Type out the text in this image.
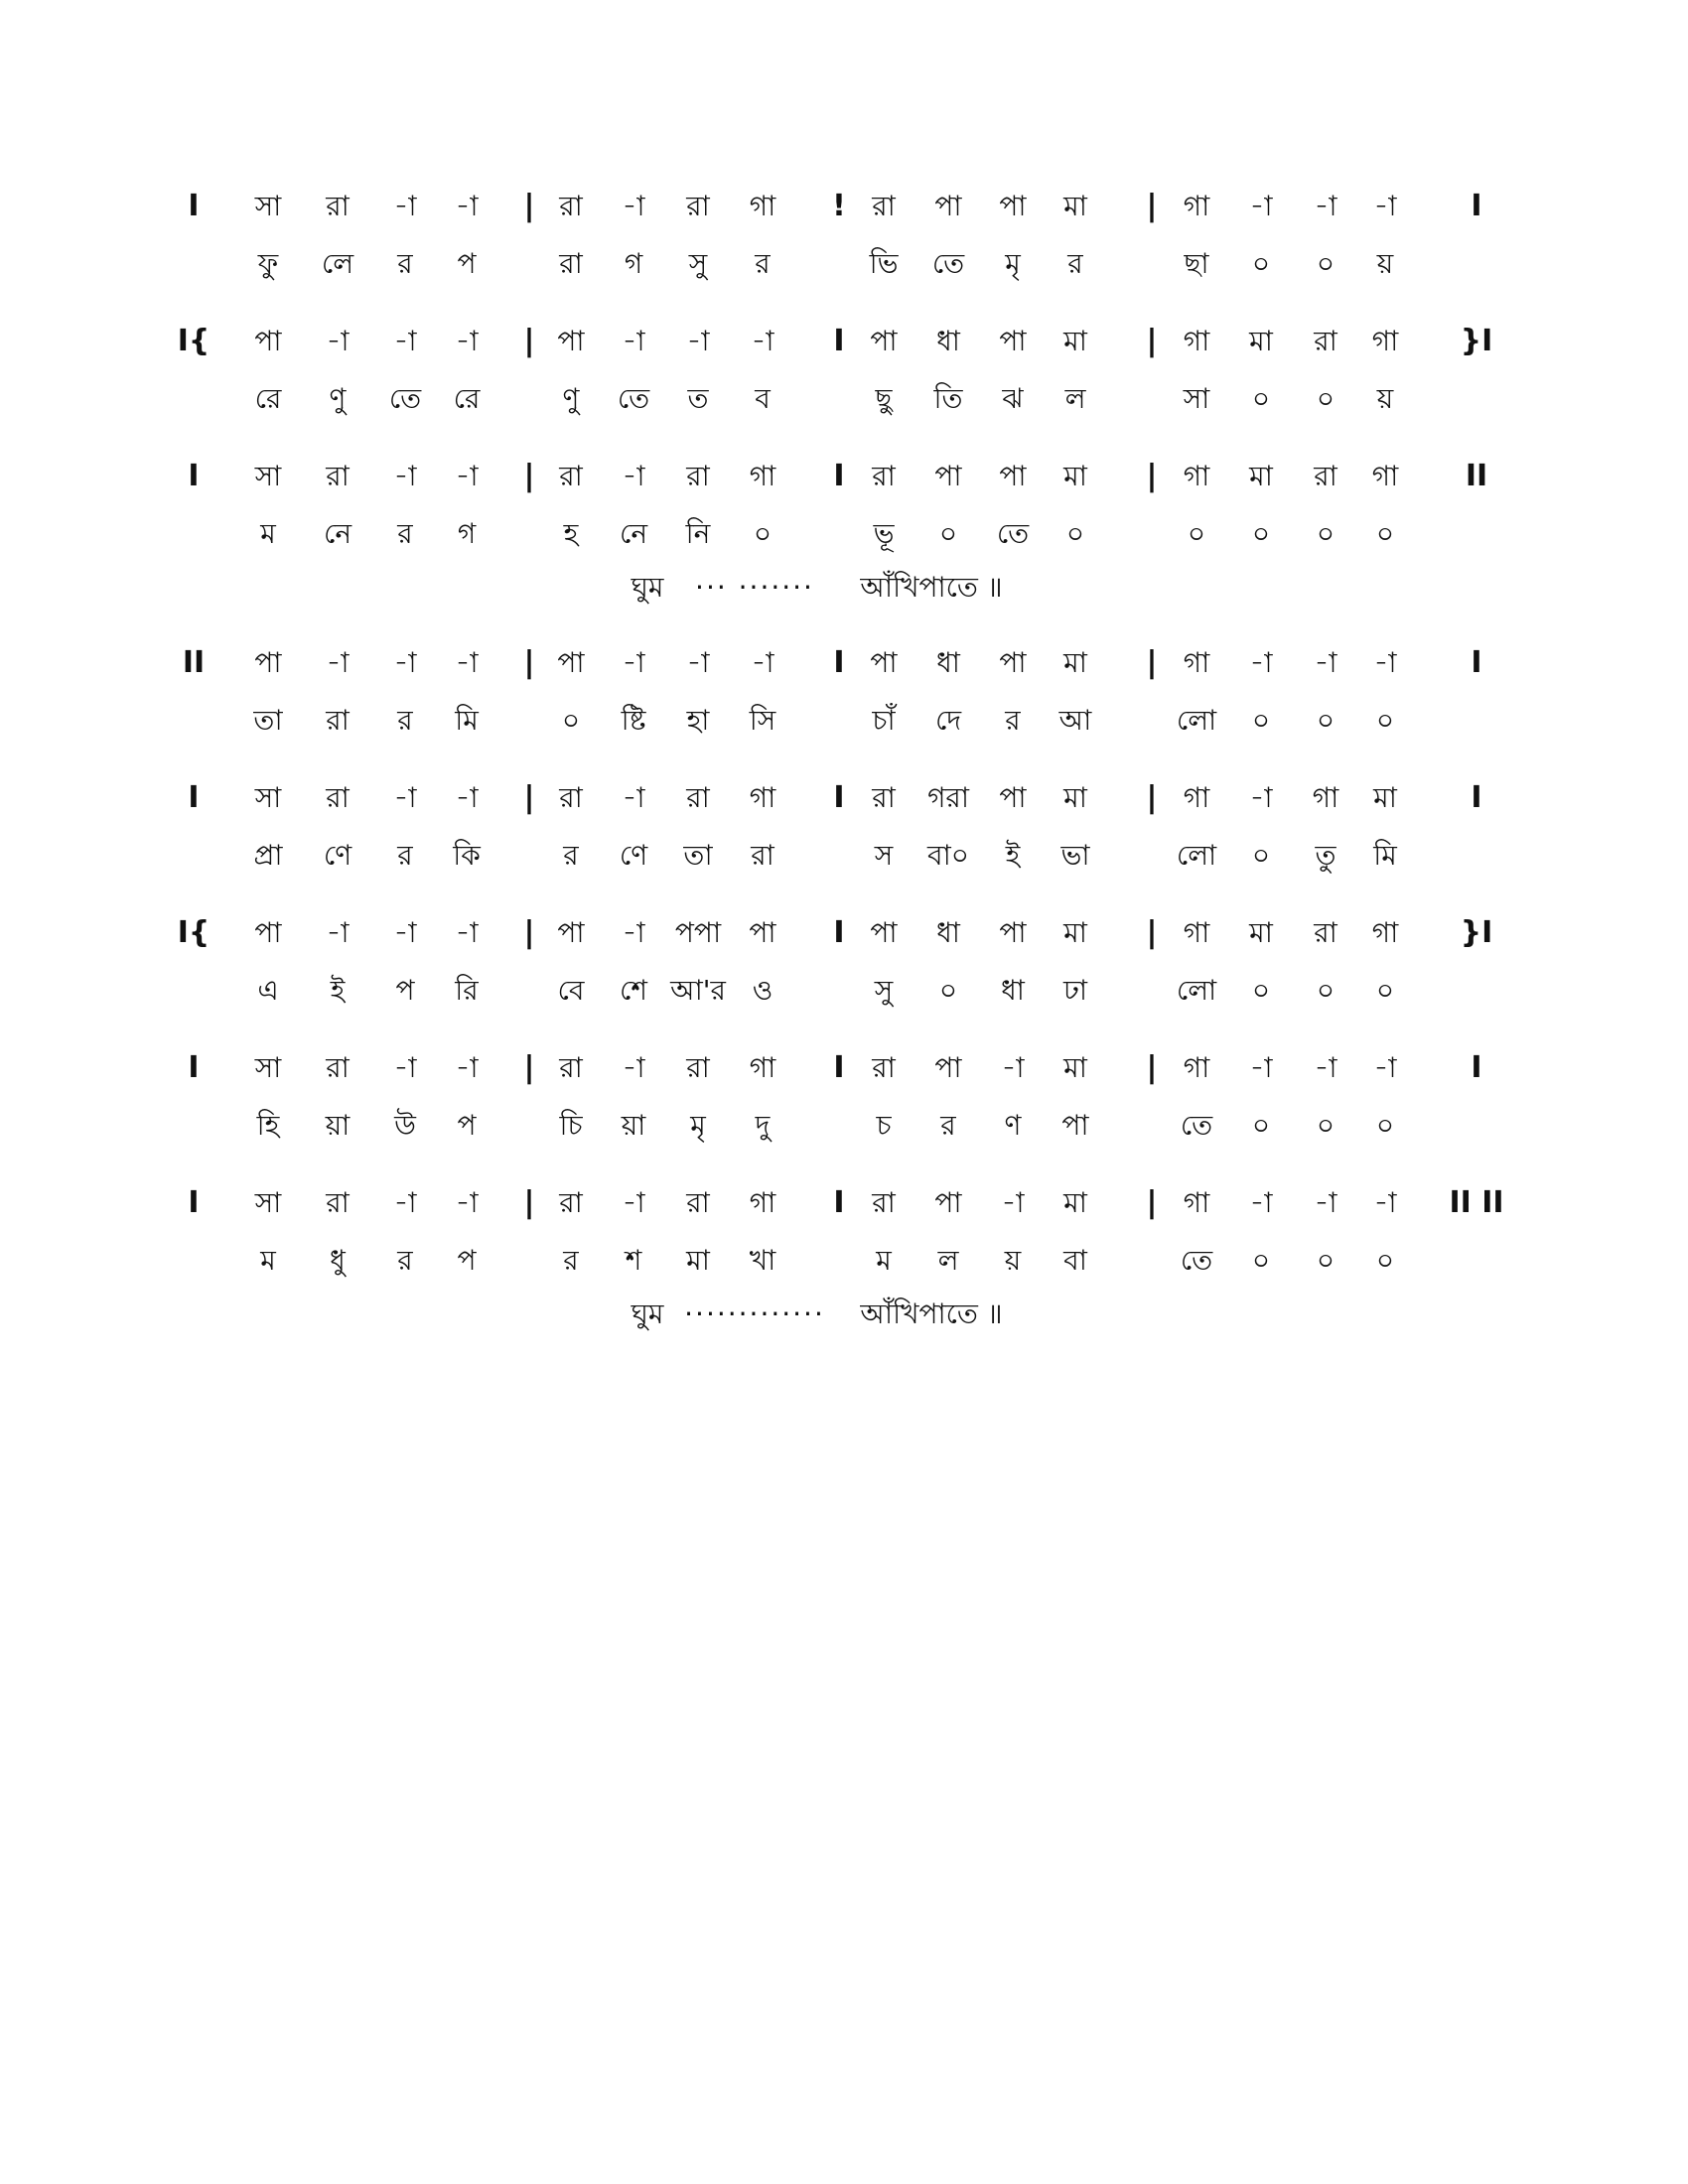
I সা রা -া -া | রা -া রা গা ! রা পা পা মা | গা -া -া -া I
ফু লে র প	রা গ সু র	ভি তে মৃ র	ছা ০ ০ য়
I{ পা -া -া -া | পা -া -া -া I পা ধা পা মা | গা মা রা গা }I
রে ণু তে রে	ণু তে ত ব	ছু তি ঝ ল	সা ০ ০ য়
I সা রা -া -া | রা -া রা গা I রা পা পা মা | গা মা রা গা II
ম নে র গ	হ নে নি ০	ভূ ০ তে ০	০ ০ ০ ০
ঘুম ··· ······· আঁখিপাতে ॥
II পা -া -া -া | পা -া -া -া I পা ধা পা মা | গা -া -া -া I
তা রা র মি	০ ষ্টি হা সি	চাঁ দে র আ	লো ০ ০ ০
I সা রা -া -া | রা -া রা গা I রা গরা পা মা | গা -া গা মা I
প্রা ণে র কি	র ণে তা রা	স বা০ ই ভা	লো ০ তু মি
I{ পা -া -া -া | পা -া পপা পা I পা ধা পা মা | গা মা রা গা }I
এ ই প রি	বে শে আ'র ও	সু ০ ধা ঢা	লো ০ ০ ০
I সা রা -া -া | রা -া রা গা I রা পা -া মা | গা -া -া -া I
হি য়া উ প	চি য়া মৃ দু	চ র ণ পা	তে ০ ০ ০
I সা রা -া -া | রা -া রা গা I রা পা -া মা | গা -া -া -া II II
ম ধু র প	র শ মা খা	ম ল য় বা	তে ০ ০ ০
ঘুম ············· আঁখিপাতে ॥
